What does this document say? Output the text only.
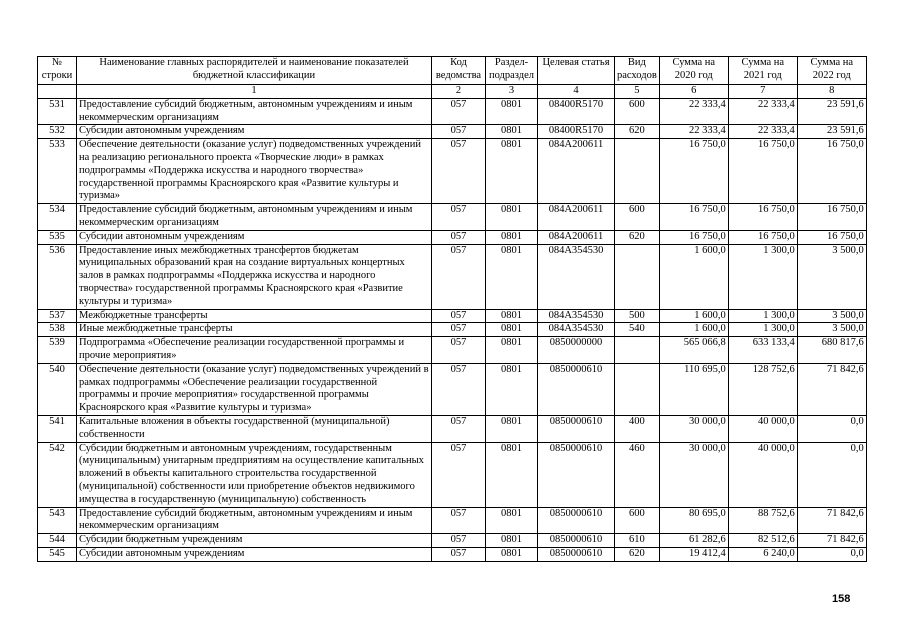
№ строки	Наименование главных распорядителей и наименование показателей бюджетной классификации	Код ведомства	Раздел-подраздел	Целевая статья	Вид расходов	Сумма на 2020 год	Сумма на 2021 год	Сумма на 2022 год
	1	2	3	4	5	6	7	8
531	Предоставление субсидий бюджетным, автономным учреждениям и иным некоммерческим организациям	057	0801	08400R5170	600	22 333,4	22 333,4	23 591,6
532	Субсидии автономным учреждениям	057	0801	08400R5170	620	22 333,4	22 333,4	23 591,6
533	Обеспечение деятельности (оказание услуг) подведомственных учреждений на реализацию регионального проекта «Творческие люди» в рамках подпрограммы «Поддержка искусства и народного творчества» государственной программы Красноярского края «Развитие культуры и туризма»	057	0801	084А200611		16 750,0	16 750,0	16 750,0
534	Предоставление субсидий бюджетным, автономным учреждениям и иным некоммерческим организациям	057	0801	084А200611	600	16 750,0	16 750,0	16 750,0
535	Субсидии автономным учреждениям	057	0801	084А200611	620	16 750,0	16 750,0	16 750,0
536	Предоставление иных межбюджетных трансфертов бюджетам муниципальных образований края на создание виртуальных концертных залов в рамках подпрограммы «Поддержка искусства и народного творчества» государственной программы Красноярского края «Развитие культуры и туризма»	057	0801	084А354530		1 600,0	1 300,0	3 500,0
537	Межбюджетные трансферты	057	0801	084А354530	500	1 600,0	1 300,0	3 500,0
538	Иные межбюджетные трансферты	057	0801	084А354530	540	1 600,0	1 300,0	3 500,0
539	Подпрограмма «Обеспечение реализации государственной программы и прочие мероприятия»	057	0801	0850000000		565 066,8	633 133,4	680 817,6
540	Обеспечение деятельности (оказание услуг) подведомственных учреждений в рамках подпрограммы «Обеспечение реализации государственной программы и прочие мероприятия» государственной программы Красноярского края «Развитие культуры и туризма»	057	0801	0850000610		110 695,0	128 752,6	71 842,6
541	Капитальные вложения в объекты государственной (муниципальной) собственности	057	0801	0850000610	400	30 000,0	40 000,0	0,0
542	Субсидии бюджетным и автономным учреждениям, государственным (муниципальным) унитарным предприятиям на осуществление капитальных вложений в объекты капитального строительства государственной (муниципальной) собственности или приобретение объектов недвижимого имущества в государственную (муниципальную) собственность	057	0801	0850000610	460	30 000,0	40 000,0	0,0
543	Предоставление субсидий бюджетным, автономным учреждениям и иным некоммерческим организациям	057	0801	0850000610	600	80 695,0	88 752,6	71 842,6
544	Субсидии бюджетным учреждениям	057	0801	0850000610	610	61 282,6	82 512,6	71 842,6
545	Субсидии автономным учреждениям	057	0801	0850000610	620	19 412,4	6 240,0	0,0
158
